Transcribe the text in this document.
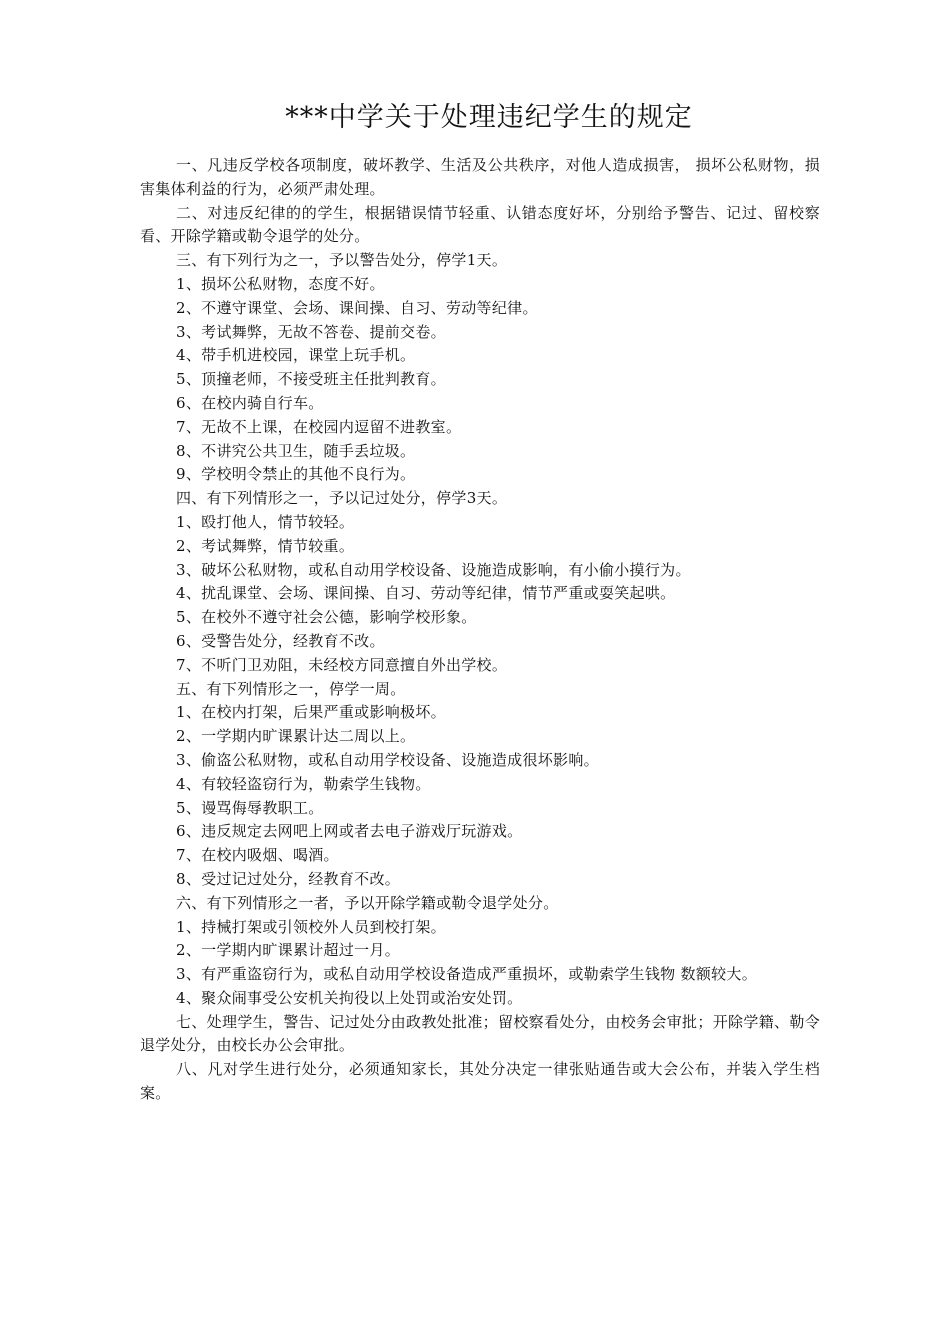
***中学关于处理违纪学生的规定

一、凡违反学校各项制度，破坏教学、生活及公共秩序，对他人造成损害， 损坏公私财物，损害集体利益的行为，必须严肃处理。

二、对违反纪律的的学生，根据错误情节轻重、认错态度好坏，分别给予警告、记过、留校察看、开除学籍或勒令退学的处分。

三、有下列行为之一，予以警告处分，停学1天。

1、损坏公私财物，态度不好。

2、不遵守课堂、会场、课间操、自习、劳动等纪律。

3、考试舞弊，无故不答卷、提前交卷。

4、带手机进校园，课堂上玩手机。

5、顶撞老师，不接受班主任批判教育。

6、在校内骑自行车。

7、无故不上课，在校园内逗留不进教室。

8、不讲究公共卫生，随手丢垃圾。

9、学校明令禁止的其他不良行为。

四、有下列情形之一，予以记过处分，停学3天。

1、殴打他人，情节较轻。

2、考试舞弊，情节较重。

3、破坏公私财物，或私自动用学校设备、设施造成影响，有小偷小摸行为。

4、扰乱课堂、会场、课间操、自习、劳动等纪律，情节严重或耍笑起哄。

5、在校外不遵守社会公德，影响学校形象。

6、受警告处分，经教育不改。

7、不听门卫劝阻，未经校方同意擅自外出学校。

五、有下列情形之一，停学一周。

1、在校内打架，后果严重或影响极坏。

2、一学期内旷课累计达二周以上。

3、偷盗公私财物，或私自动用学校设备、设施造成很坏影响。

4、有较轻盗窃行为，勒索学生钱物。

5、谩骂侮辱教职工。

6、违反规定去网吧上网或者去电子游戏厅玩游戏。

7、在校内吸烟、喝酒。

8、受过记过处分，经教育不改。

六、有下列情形之一者，予以开除学籍或勒令退学处分。

1、持械打架或引领校外人员到校打架。

2、一学期内旷课累计超过一月。

3、有严重盗窃行为，或私自动用学校设备造成严重损坏，或勒索学生钱物 数额较大。

4、聚众闹事受公安机关拘役以上处罚或治安处罚。

七、处理学生，警告、记过处分由政教处批准；留校察看处分，由校务会审批；开除学籍、勒令退学处分，由校长办公会审批。

八、凡对学生进行处分，必须通知家长，其处分决定一律张贴通告或大会公布，并装入学生档案。
